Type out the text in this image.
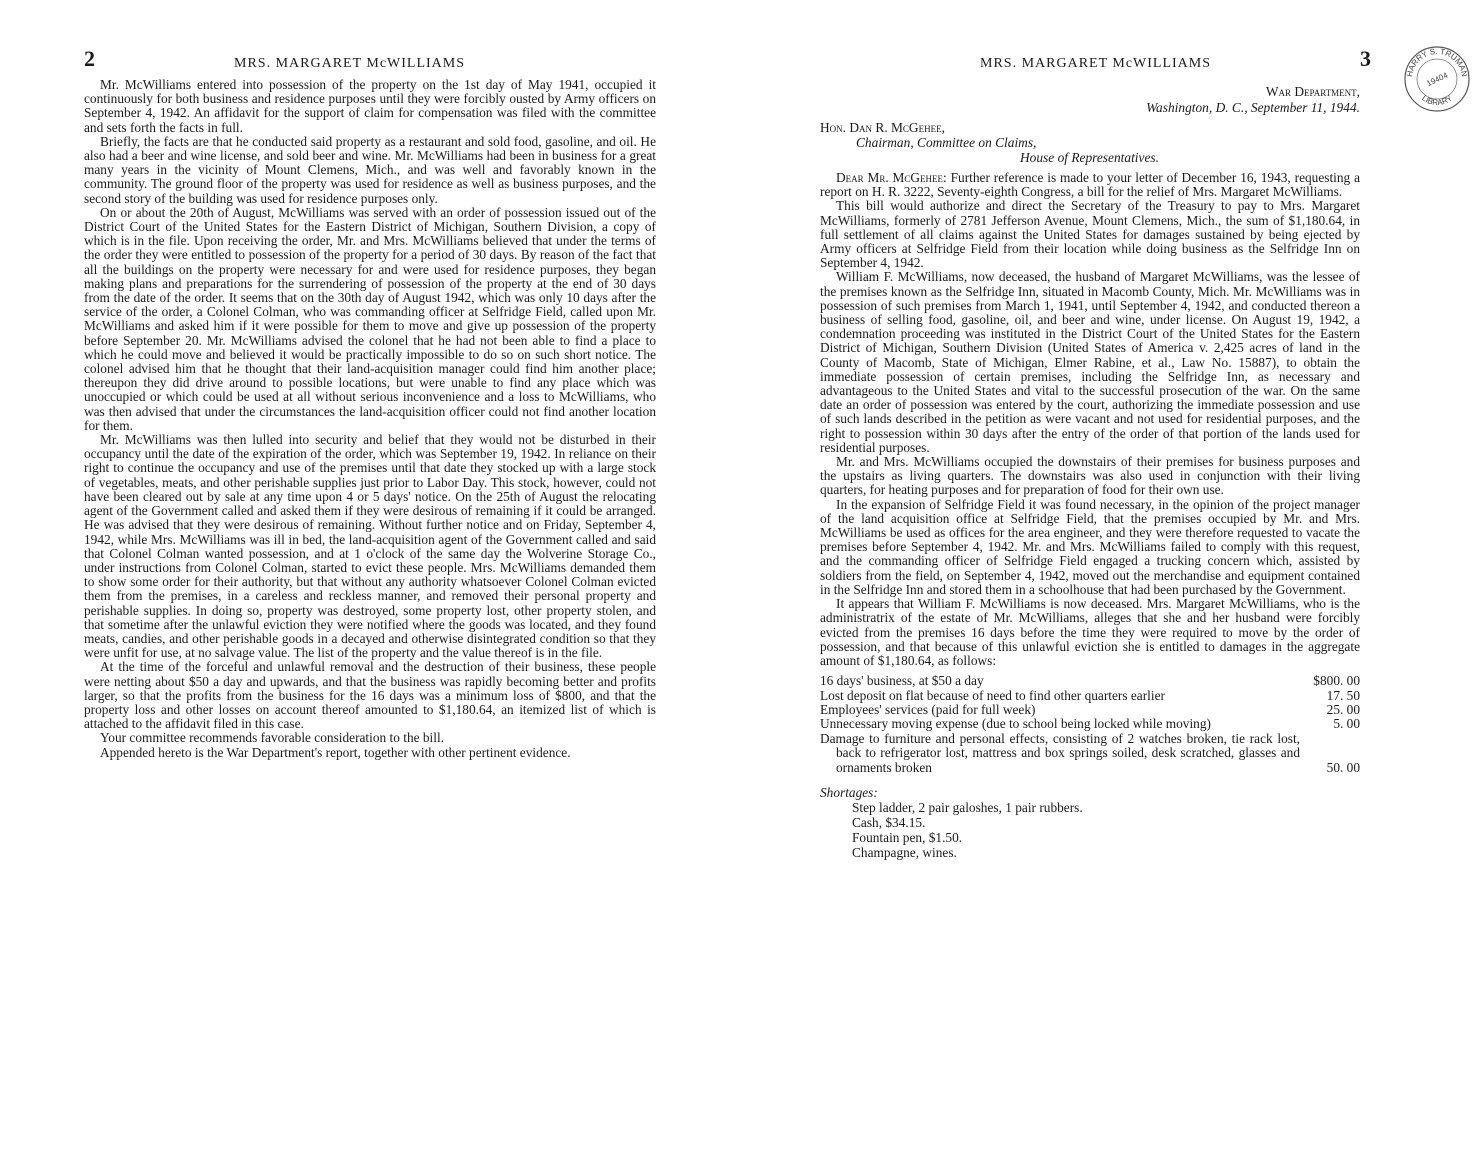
2	MRS. MARGARET McWILLIAMS

Mr. McWilliams entered into possession of the property on the 1st day of May 1941, occupied it continuously for both business and residence purposes until they were forcibly ousted by Army officers on September 4, 1942. An affidavit for the support of claim for compensation was filed with the committee and sets forth the facts in full.

Briefly, the facts are that he conducted said property as a restaurant and sold food, gasoline, and oil. He also had a beer and wine license, and sold beer and wine. Mr. McWilliams had been in business for a great many years in the vicinity of Mount Clemens, Mich., and was well and favorably known in the community. The ground floor of the property was used for residence as well as business purposes, and the second story of the building was used for residence purposes only.

On or about the 20th of August, McWilliams was served with an order of possession issued out of the District Court of the United States for the Eastern District of Michigan, Southern Division, a copy of which is in the file. Upon receiving the order, Mr. and Mrs. McWilliams believed that under the terms of the order they were entitled to possession of the property for a period of 30 days. By reason of the fact that all the buildings on the property were necessary for and were used for residence purposes, they began making plans and preparations for the surrendering of possession of the property at the end of 30 days from the date of the order. It seems that on the 30th day of August 1942, which was only 10 days after the service of the order, a Colonel Colman, who was commanding officer at Selfridge Field, called upon Mr. McWilliams and asked him if it were possible for them to move and give up possession of the property before September 20. Mr. McWilliams advised the colonel that he had not been able to find a place to which he could move and believed it would be practically impossible to do so on such short notice. The colonel advised him that he thought that their land-acquisition manager could find him another place; thereupon they did drive around to possible locations, but were unable to find any place which was unoccupied or which could be used at all without serious inconvenience and a loss to McWilliams, who was then advised that under the circumstances the land-acquisition officer could not find another location for them.

Mr. McWilliams was then lulled into security and belief that they would not be disturbed in their occupancy until the date of the expiration of the order, which was September 19, 1942. In reliance on their right to continue the occupancy and use of the premises until that date they stocked up with a large stock of vegetables, meats, and other perishable supplies just prior to Labor Day. This stock, however, could not have been cleared out by sale at any time upon 4 or 5 days' notice. On the 25th of August the relocating agent of the Government called and asked them if they were desirous of remaining if it could be arranged. He was advised that they were desirous of remaining. Without further notice and on Friday, September 4, 1942, while Mrs. McWilliams was ill in bed, the land-acquisition agent of the Government called and said that Colonel Colman wanted possession, and at 1 o'clock of the same day the Wolverine Storage Co., under instructions from Colonel Colman, started to evict these people. Mrs. McWilliams demanded them to show some order for their authority, but that without any authority whatsoever Colonel Colman evicted them from the premises, in a careless and reckless manner, and removed their personal property and perishable supplies. In doing so, property was destroyed, some property lost, other property stolen, and that sometime after the unlawful eviction they were notified where the goods was located, and they found meats, candies, and other perishable goods in a decayed and otherwise disintegrated condition so that they were unfit for use, at no salvage value. The list of the property and the value thereof is in the file.

At the time of the forceful and unlawful removal and the destruction of their business, these people were netting about $50 a day and upwards, and that the business was rapidly becoming better and profits larger, so that the profits from the business for the 16 days was a minimum loss of $800, and that the property loss and other losses on account thereof amounted to $1,180.64, an itemized list of which is attached to the affidavit filed in this case.

Your committee recommends favorable consideration to the bill.

Appended hereto is the War Department's report, together with other pertinent evidence.

MRS. MARGARET McWILLIAMS	3
War Department,
Washington, D. C., September 11, 1944.
Hon. Dan R. McGehee,
Chairman, Committee on Claims,
House of Representatives.

Dear Mr. McGehee: Further reference is made to your letter of December 16, 1943, requesting a report on H. R. 3222, Seventy-eighth Congress, a bill for the relief of Mrs. Margaret McWilliams.

This bill would authorize and direct the Secretary of the Treasury to pay to Mrs. Margaret McWilliams, formerly of 2781 Jefferson Avenue, Mount Clemens, Mich., the sum of $1,180.64, in full settlement of all claims against the United States for damages sustained by being ejected by Army officers at Selfridge Field from their location while doing business as the Selfridge Inn on September 4, 1942.

William F. McWilliams, now deceased, the husband of Margaret McWilliams, was the lessee of the premises known as the Selfridge Inn, situated in Macomb County, Mich. Mr. McWilliams was in possession of such premises from March 1, 1941, until September 4, 1942, and conducted thereon a business of selling food, gasoline, oil, and beer and wine, under license. On August 19, 1942, a condemnation proceeding was instituted in the District Court of the United States for the Eastern District of Michigan, Southern Division (United States of America v. 2,425 acres of land in the County of Macomb, State of Michigan, Elmer Rabine, et al., Law No. 15887), to obtain the immediate possession of certain premises, including the Selfridge Inn, as necessary and advantageous to the United States and vital to the successful prosecution of the war. On the same date an order of possession was entered by the court, authorizing the immediate possession and use of such lands described in the petition as were vacant and not used for residential purposes, and the right to possession within 30 days after the entry of the order of that portion of the lands used for residential purposes.

Mr. and Mrs. McWilliams occupied the downstairs of their premises for business purposes and the upstairs as living quarters. The downstairs was also used in conjunction with their living quarters, for heating purposes and for preparation of food for their own use.

In the expansion of Selfridge Field it was found necessary, in the opinion of the project manager of the land acquisition office at Selfridge Field, that the premises occupied by Mr. and Mrs. McWilliams be used as offices for the area engineer, and they were therefore requested to vacate the premises before September 4, 1942. Mr. and Mrs. McWilliams failed to comply with this request, and the commanding officer of Selfridge Field engaged a trucking concern which, assisted by soldiers from the field, on September 4, 1942, moved out the merchandise and equipment contained in the Selfridge Inn and stored them in a schoolhouse that had been purchased by the Government.

It appears that William F. McWilliams is now deceased. Mrs. Margaret McWilliams, who is the administratrix of the estate of Mr. McWilliams, alleges that she and her husband were forcibly evicted from the premises 16 days before the time they were required to move by the order of possession, and that because of this unlawful eviction she is entitled to damages in the aggregate amount of $1,180.64, as follows:

16 days' business, at $50 a day	$800. 00
Lost deposit on flat because of need to find other quarters earlier	17. 50
Employees' services (paid for full week)	25. 00
Unnecessary moving expense (due to school being locked while moving)	5. 00
Damage to furniture and personal effects, consisting of 2 watches broken, tie rack lost, back to refrigerator lost, mattress and box springs soiled, desk scratched, glasses and ornaments broken	50. 00
Shortages:
Step ladder, 2 pair galoshes, 1 pair rubbers.
Cash, $34.15.
Fountain pen, $1.50.
Champagne, wines.
HARRY S. TRUMAN
LIBRARY
19404
